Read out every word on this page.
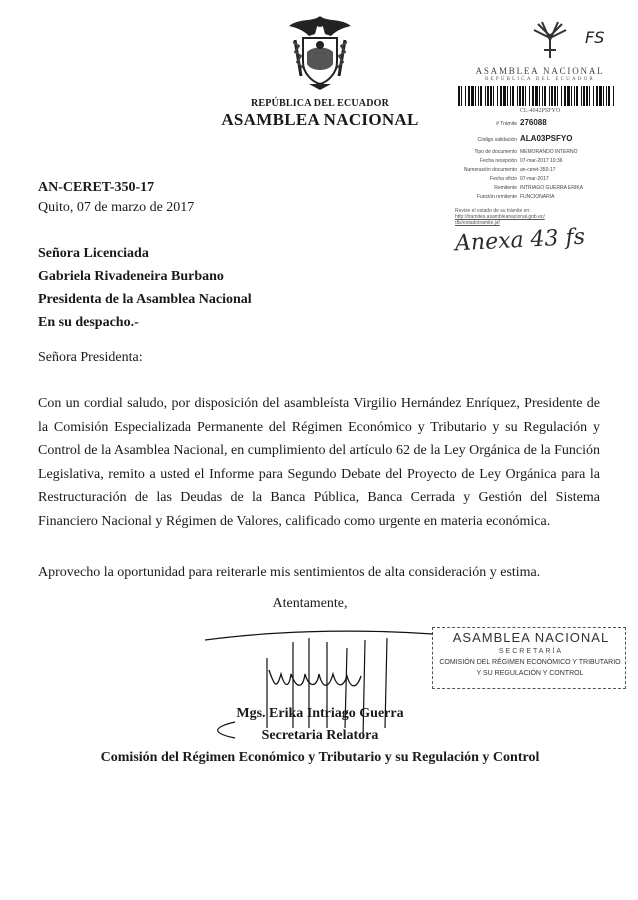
REPÚBLICA DEL ECUADOR
ASAMBLEA NACIONAL
FS
ASAMBLEA NACIONAL
REPÚBLICA DEL ECUADOR
CL-4042PSFYO
# Trámite 276088
Código validación ALA03PSFYO
Tipo de documento MEMORANDO INTERNO
Fecha recepción 07-mar-2017 10:36
Numeración documento an-ceret-350-17
Fecha oficio 07-mar-2017
Remitente INTRIAGO GUERRA ERIKA
Función remitente FUNCIONARIA
Revise el estado de su trámite en:
http://tramites.asambleanacional.gob.ec/
dts/estadotramite.jsf
Anexa 43 fs
AN-CERET-350-17
Quito, 07 de marzo de 2017
Señora Licenciada
Gabriela Rivadeneira Burbano
Presidenta de la Asamblea Nacional
En su despacho.-
Señora Presidenta:
Con un cordial saludo, por disposición del asambleísta Virgilio Hernández Enríquez, Presidente de la Comisión Especializada Permanente del Régimen Económico y Tributario y su Regulación y Control de la Asamblea Nacional, en cumplimiento del artículo 62 de la Ley Orgánica de la Función Legislativa, remito a usted el Informe para Segundo Debate del Proyecto de Ley Orgánica para la Restructuración de las Deudas de la Banca Pública, Banca Cerrada y Gestión del Sistema Financiero Nacional y Régimen de Valores, calificado como urgente en materia económica.
Aprovecho la oportunidad para reiterarle mis sentimientos de alta consideración y estima.
Atentamente,
ASAMBLEA NACIONAL
SECRETARÍA
COMISIÓN DEL RÉGIMEN ECONÓMICO Y TRIBUTARIO
Y SU REGULACIÓN Y CONTROL
Mgs. Erika Intriago Guerra
Secretaria Relatora
Comisión del Régimen Económico y Tributario y su Regulación y Control
